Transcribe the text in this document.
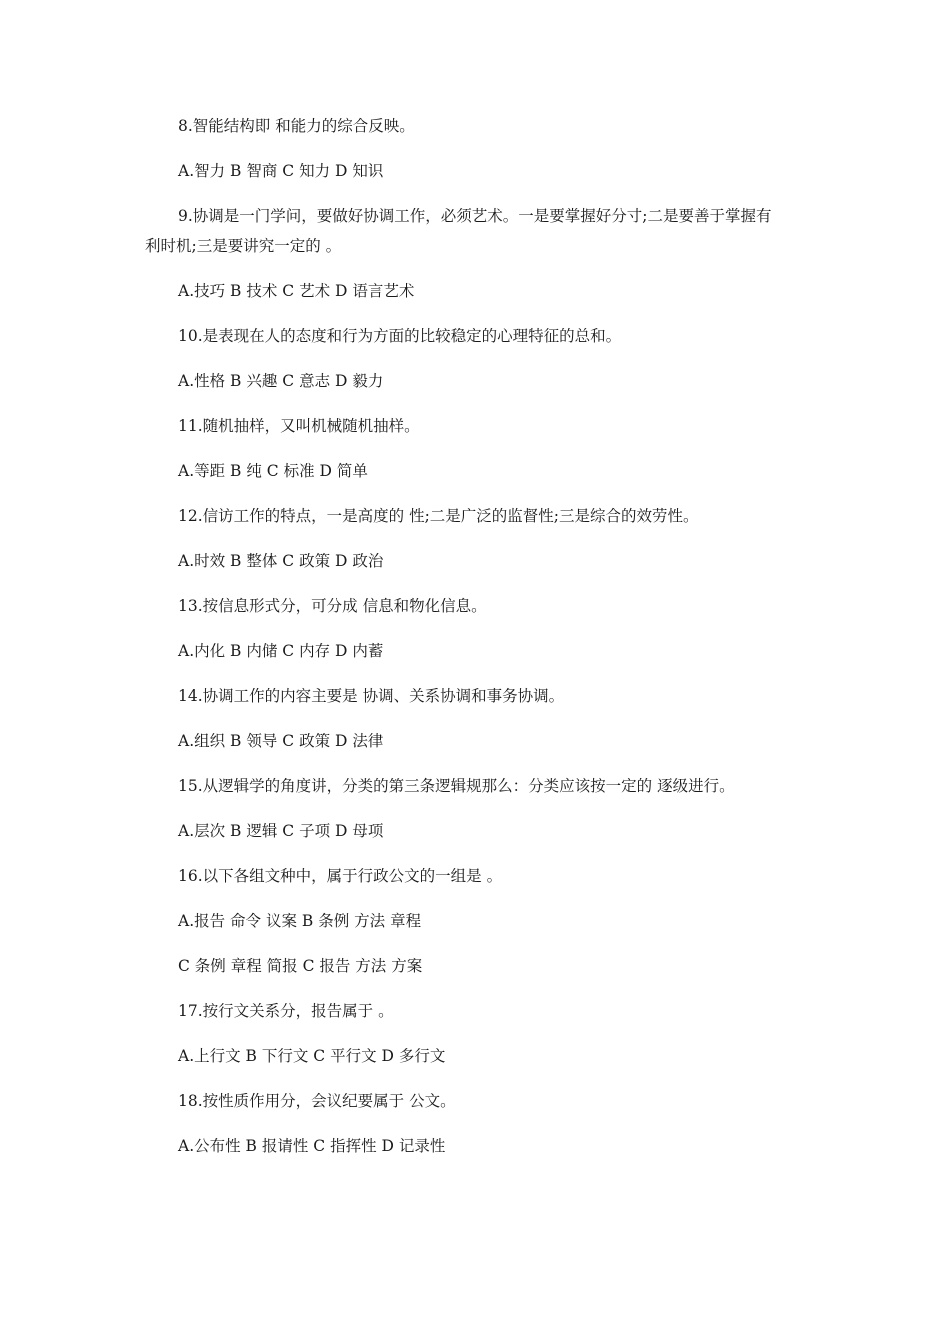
8.智能结构即 和能力的综合反映。
A.智力 B 智商 C 知力 D 知识
9.协调是一门学问，要做好协调工作，必须艺术。一是要掌握好分寸;二是要善于掌握有利时机;三是要讲究一定的 。
A.技巧 B 技术 C 艺术 D 语言艺术
10.是表现在人的态度和行为方面的比较稳定的心理特征的总和。
A.性格 B 兴趣 C 意志 D 毅力
11.随机抽样，又叫机械随机抽样。
A.等距 B 纯 C 标准 D 简单
12.信访工作的特点，一是高度的 性;二是广泛的监督性;三是综合的效劳性。
A.时效 B 整体 C 政策 D 政治
13.按信息形式分，可分成 信息和物化信息。
A.内化 B 内储 C 内存 D 内蓄
14.协调工作的内容主要是 协调、关系协调和事务协调。
A.组织 B 领导 C 政策 D 法律
15.从逻辑学的角度讲，分类的第三条逻辑规那么：分类应该按一定的 逐级进行。
A.层次 B 逻辑 C 子项 D 母项
16.以下各组文种中，属于行政公文的一组是 。
A.报告 命令 议案 B 条例 方法 章程
C 条例 章程 简报 C 报告 方法 方案
17.按行文关系分，报告属于 。
A.上行文 B 下行文 C 平行文 D 多行文
18.按性质作用分，会议纪要属于 公文。
A.公布性 B 报请性 C 指挥性 D 记录性
